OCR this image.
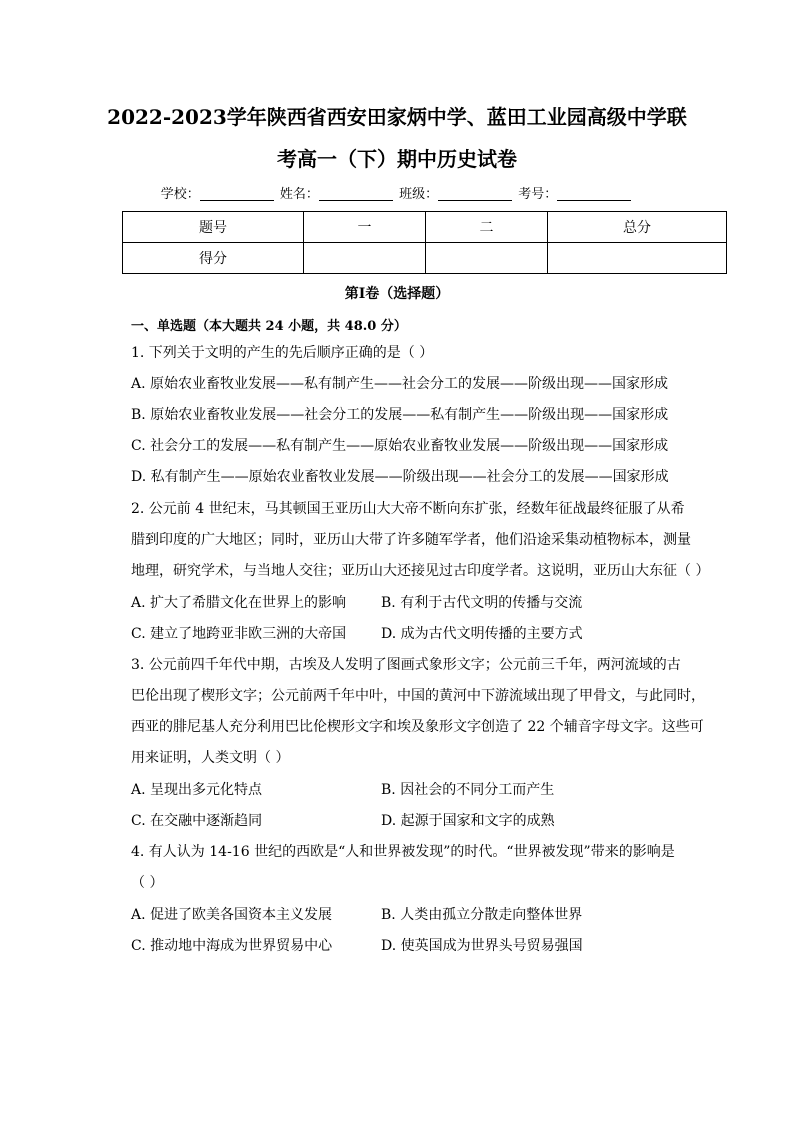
2022-2023学年陕西省西安田家炳中学、蓝田工业园高级中学联
考高一（下）期中历史试卷
学校：	姓名：	班级：	考号：
题号	一	二	总分
得分			
第I卷（选择题）
一、单选题（本大题共 24 小题，共 48.0 分）
1. 下列关于文明的产生的先后顺序正确的是（ ）
A. 原始农业畜牧业发展——私有制产生——社会分工的发展——阶级出现——国家形成
B. 原始农业畜牧业发展——社会分工的发展——私有制产生——阶级出现——国家形成
C. 社会分工的发展——私有制产生——原始农业畜牧业发展——阶级出现——国家形成
D. 私有制产生——原始农业畜牧业发展——阶级出现——社会分工的发展——国家形成
2. 公元前 4 世纪末，马其顿国王亚历山大大帝不断向东扩张，经数年征战最终征服了从希
腊到印度的广大地区；同时，亚历山大带了许多随军学者，他们沿途采集动植物标本，测量
地理，研究学术，与当地人交往；亚历山大还接见过古印度学者。这说明，亚历山大东征（ ）
A. 扩大了希腊文化在世界上的影响 B. 有利于古代文明的传播与交流
C. 建立了地跨亚非欧三洲的大帝国 D. 成为古代文明传播的主要方式
3. 公元前四千年代中期，古埃及人发明了图画式象形文字；公元前三千年，两河流域的古
巴伦出现了楔形文字；公元前两千年中叶，中国的黄河中下游流域出现了甲骨文，与此同时，
西亚的腓尼基人充分利用巴比伦楔形文字和埃及象形文字创造了 22 个辅音字母文字。这些可
用来证明，人类文明（ ）
A. 呈现出多元化特点	B. 因社会的不同分工而产生
C. 在交融中逐渐趋同	D. 起源于国家和文字的成熟
4. 有人认为 14-16 世纪的西欧是“人和世界被发现”的时代。“世界被发现”带来的影响是
（ ）
A. 促进了欧美各国资本主义发展	B. 人类由孤立分散走向整体世界
C. 推动地中海成为世界贸易中心	D. 使英国成为世界头号贸易强国
